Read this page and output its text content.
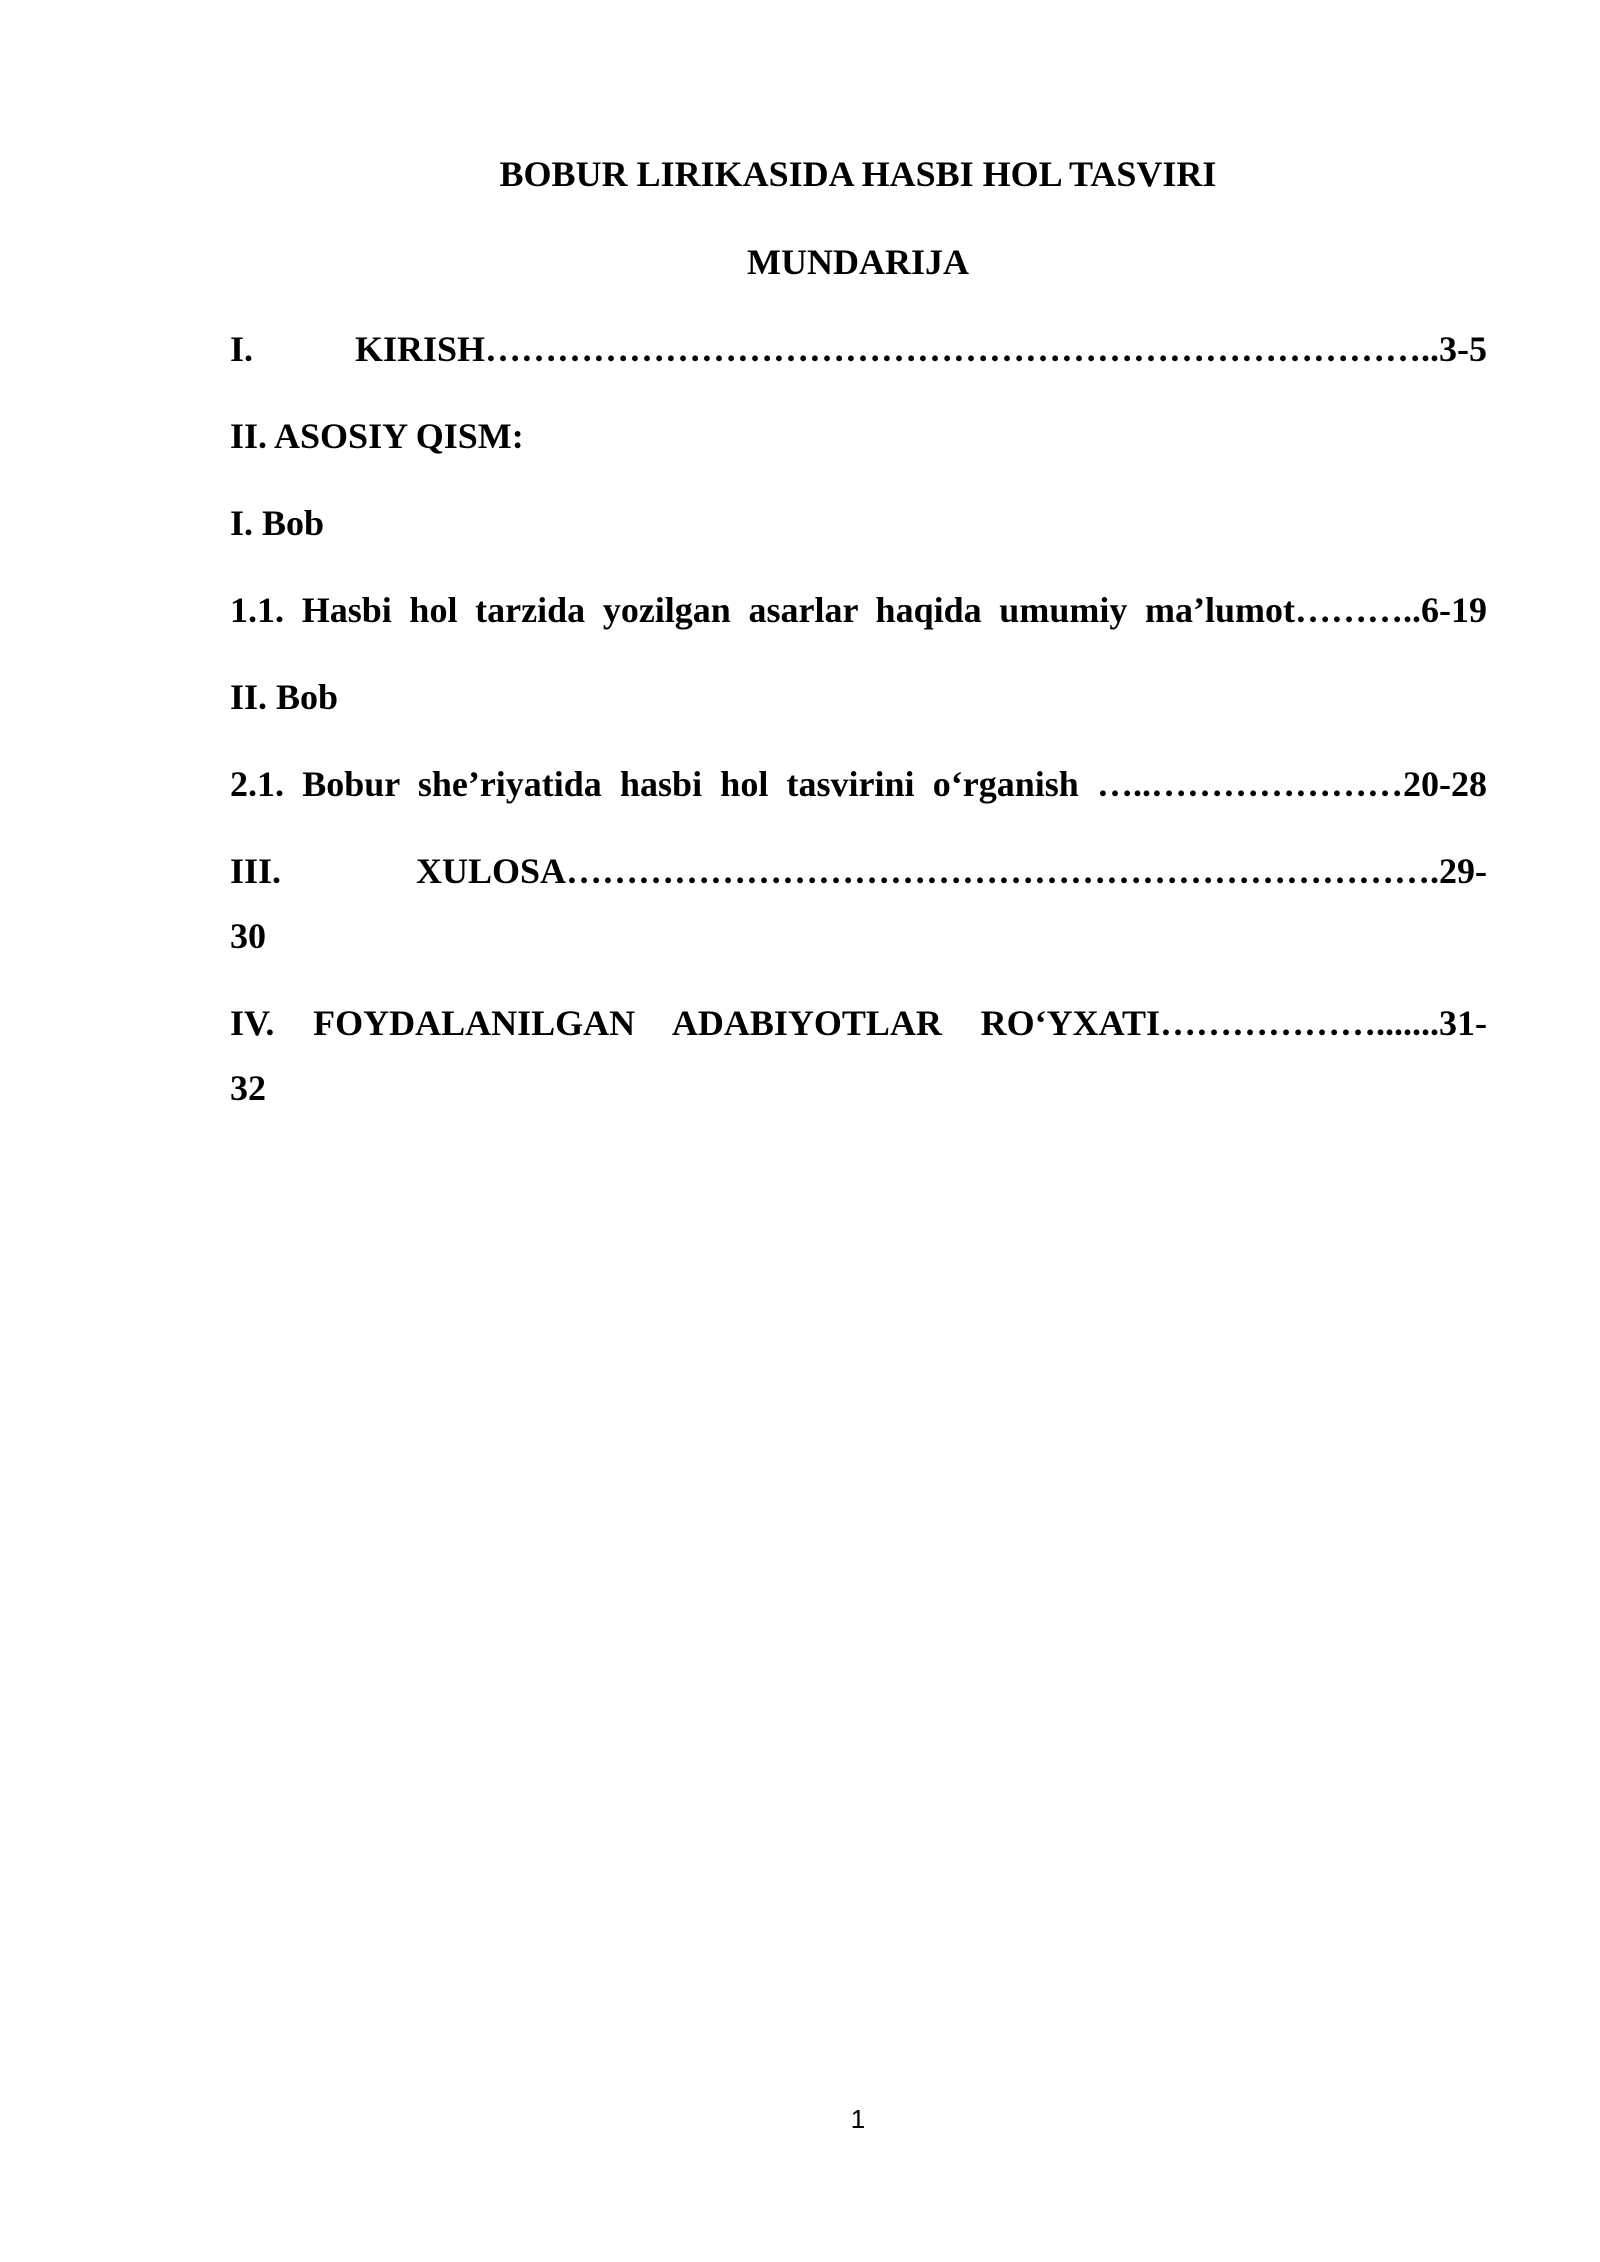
BOBUR LIRIKASIDA HASBI HOL TASVIRI
MUNDARIJA
I. KIRISH……………………………………………………………………..3-5
II. ASOSIY QISM:
I. Bob
1.1. Hasbi hol tarzida yozilgan asarlar haqida umumiy ma’lumot………..6-19
II. Bob
2.1. Bobur she’riyatida hasbi hol tasvirini o‘rganish …..…………………20-28
III. XULOSA……………………………………………………………….29-
30
IV. FOYDALANILGAN ADABIYOTLAR RO‘YXATI……………….......31-
32
1
